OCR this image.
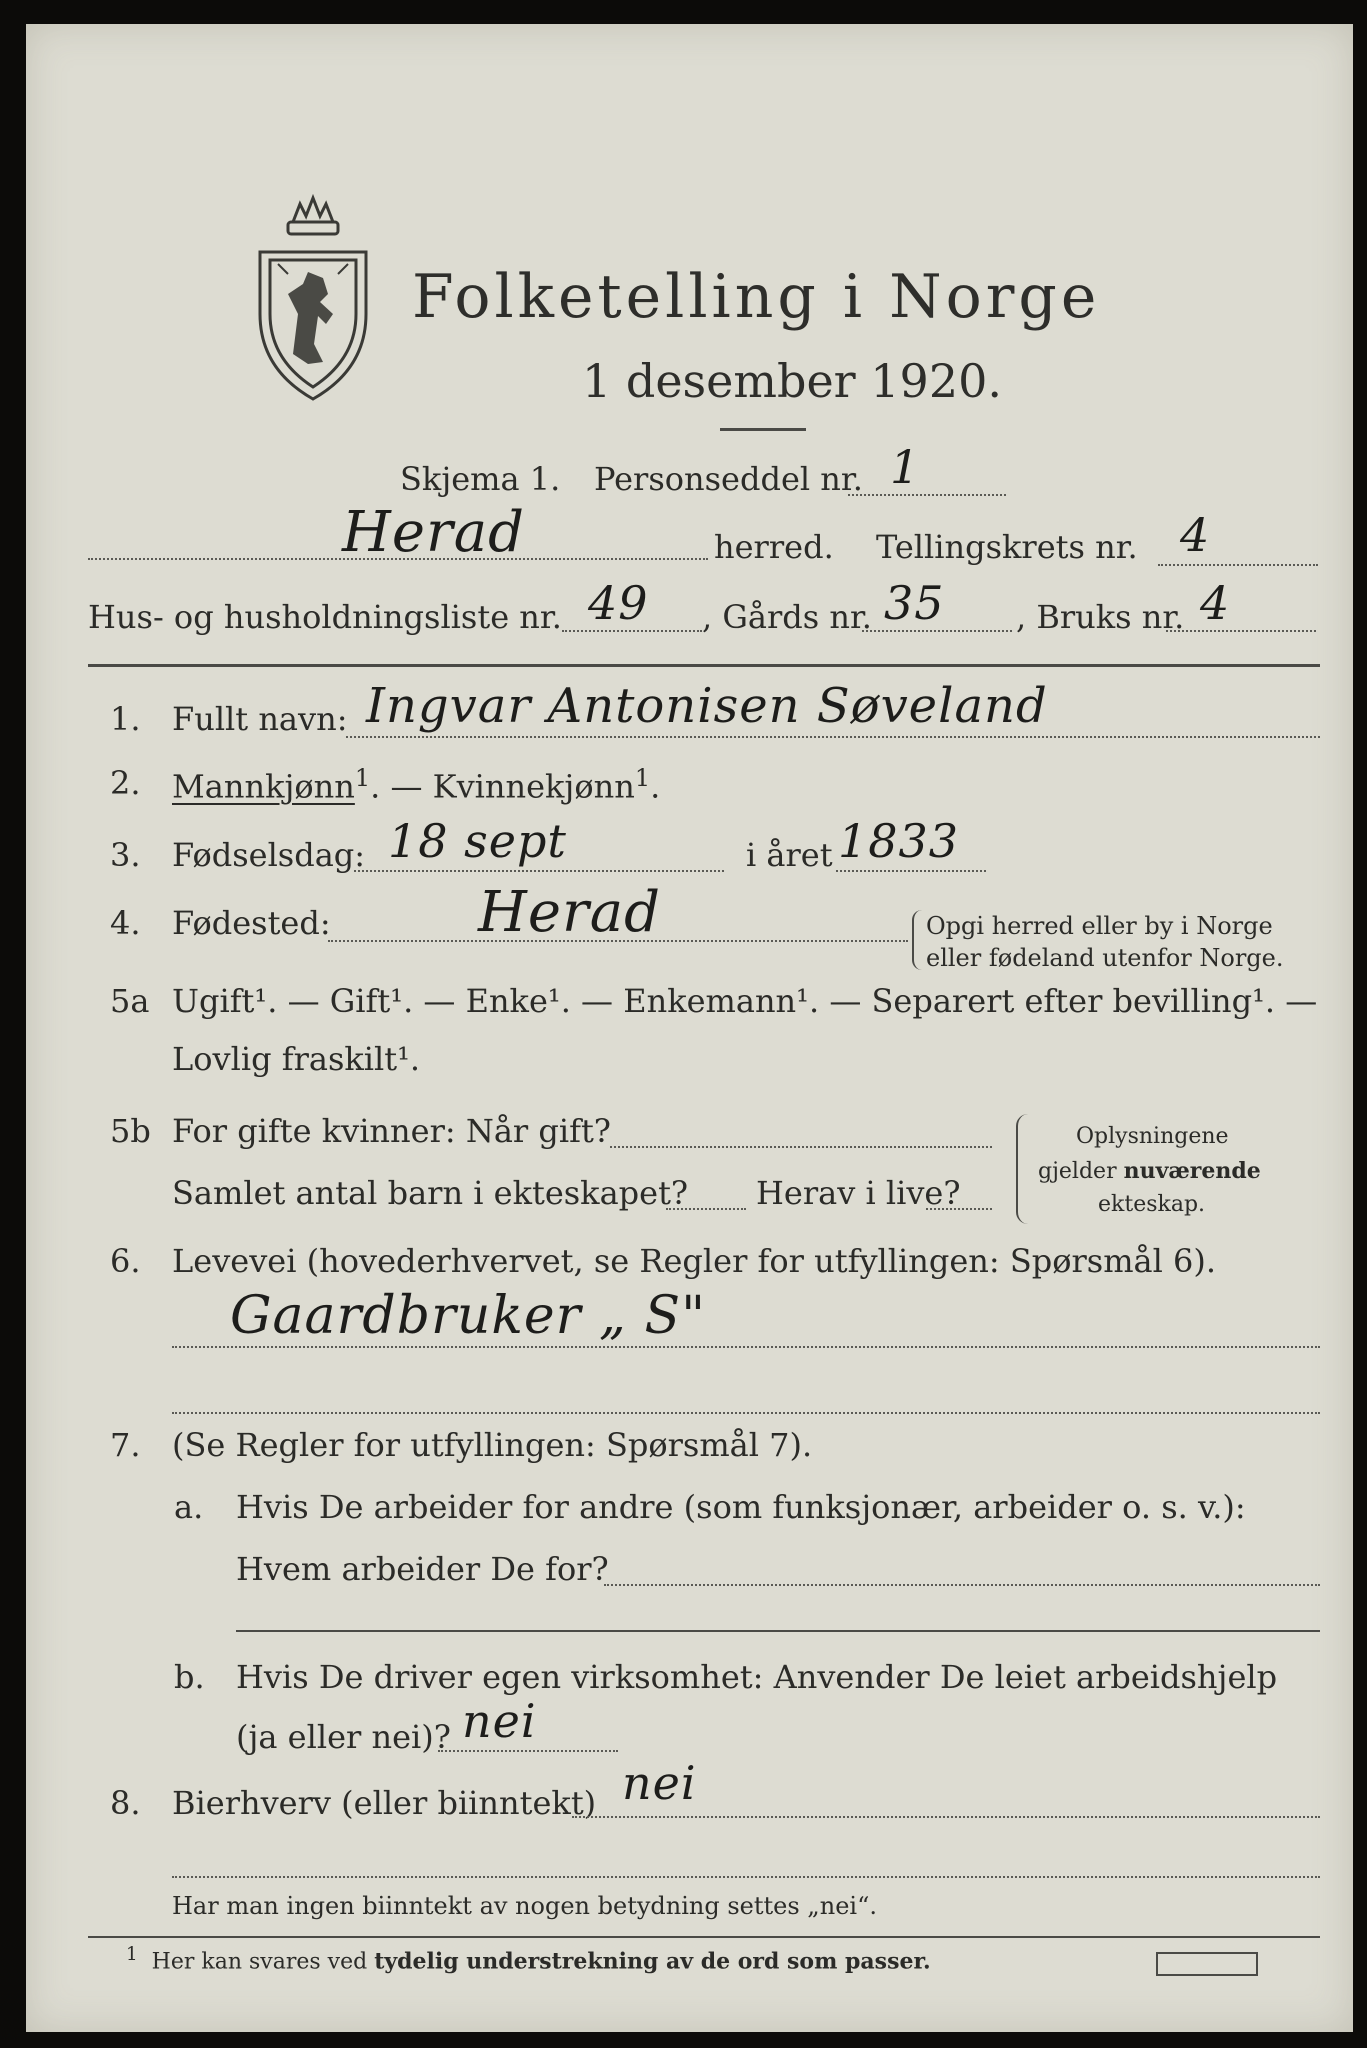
Folketelling i Norge
1 desember 1920.
Skjema 1. Personseddel nr. 1
Herad	herred. Tellingskrets nr. 4
Hus- og husholdningsliste nr. 49 , Gårds nr. 35 , Bruks nr. 4
1. Fullt navn: Ingvar Antonisen Søveland
2. Mannkjønn$^1$. — Kvinnekjønn$^1$.
3. Fødselsdag: 18 sept	i året 1833
4. Fødested:	Herad	Opgi herred eller by i Norge
eller fødeland utenfor Norge.
5a Ugift¹. — Gift¹. — Enke¹. — Enkemann¹. — Separert efter bevilling¹. —
Lovlig fraskilt¹.
5b For gifte kvinner: Når gift?
Samlet antal barn i ekteskapet? Herav i live?
Oplysningene
gjelder nuværende
ekteskap.
6. Levevei (hovederhvervet, se Regler for utfyllingen: Spørsmål 6).
Gaardbruker „ S"
7. (Se Regler for utfyllingen: Spørsmål 7).
a. Hvis De arbeider for andre (som funksjonær, arbeider o. s. v.):
Hvem arbeider De for?
b. Hvis De driver egen virksomhet: Anvender De leiet arbeidshjelp
(ja eller nei)? nei
8. Bierhverv (eller biinntekt) nei
Har man ingen biinntekt av nogen betydning settes „nei“.
$^1$ Her kan svares ved tydelig understrekning av de ord som passer.
